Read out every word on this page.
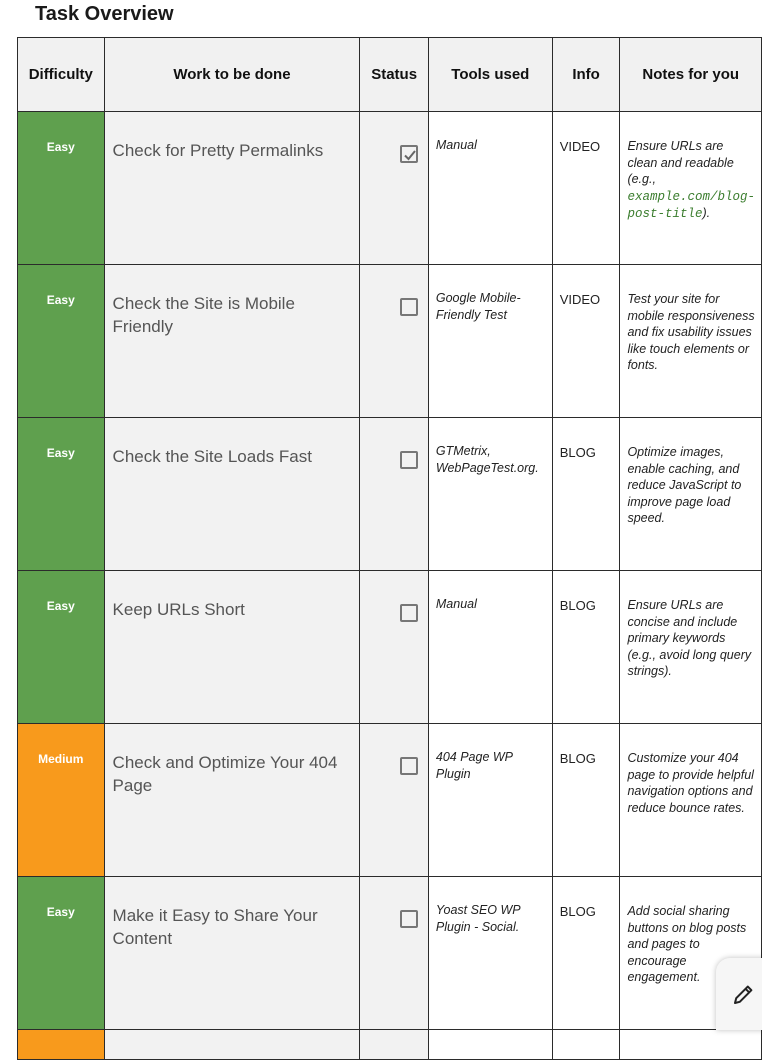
Task Overview
Difficulty	Work to be done	Status	Tools used	Info	Notes for you
Easy	Check for Pretty Permalinks		Manual	VIDEO	Ensure URLs are clean and readable (e.g., example.com/blog-post-title).
Easy	Check the Site is Mobile Friendly		Google Mobile-Friendly Test	VIDEO	Test your site for mobile responsiveness and fix usability issues like touch elements or fonts.
Easy	Check the Site Loads Fast		GTMetrix, WebPageTest.org.	BLOG	Optimize images, enable caching, and reduce JavaScript to improve page load speed.
Easy	Keep URLs Short		Manual	BLOG	Ensure URLs are concise and include primary keywords (e.g., avoid long query strings).
Medium	Check and Optimize Your 404 Page		404 Page WP Plugin	BLOG	Customize your 404 page to provide helpful navigation options and reduce bounce rates.
Easy	Make it Easy to Share Your Content		Yoast SEO WP Plugin - Social.	BLOG	Add social sharing buttons on blog posts and pages to encourage engagement.
